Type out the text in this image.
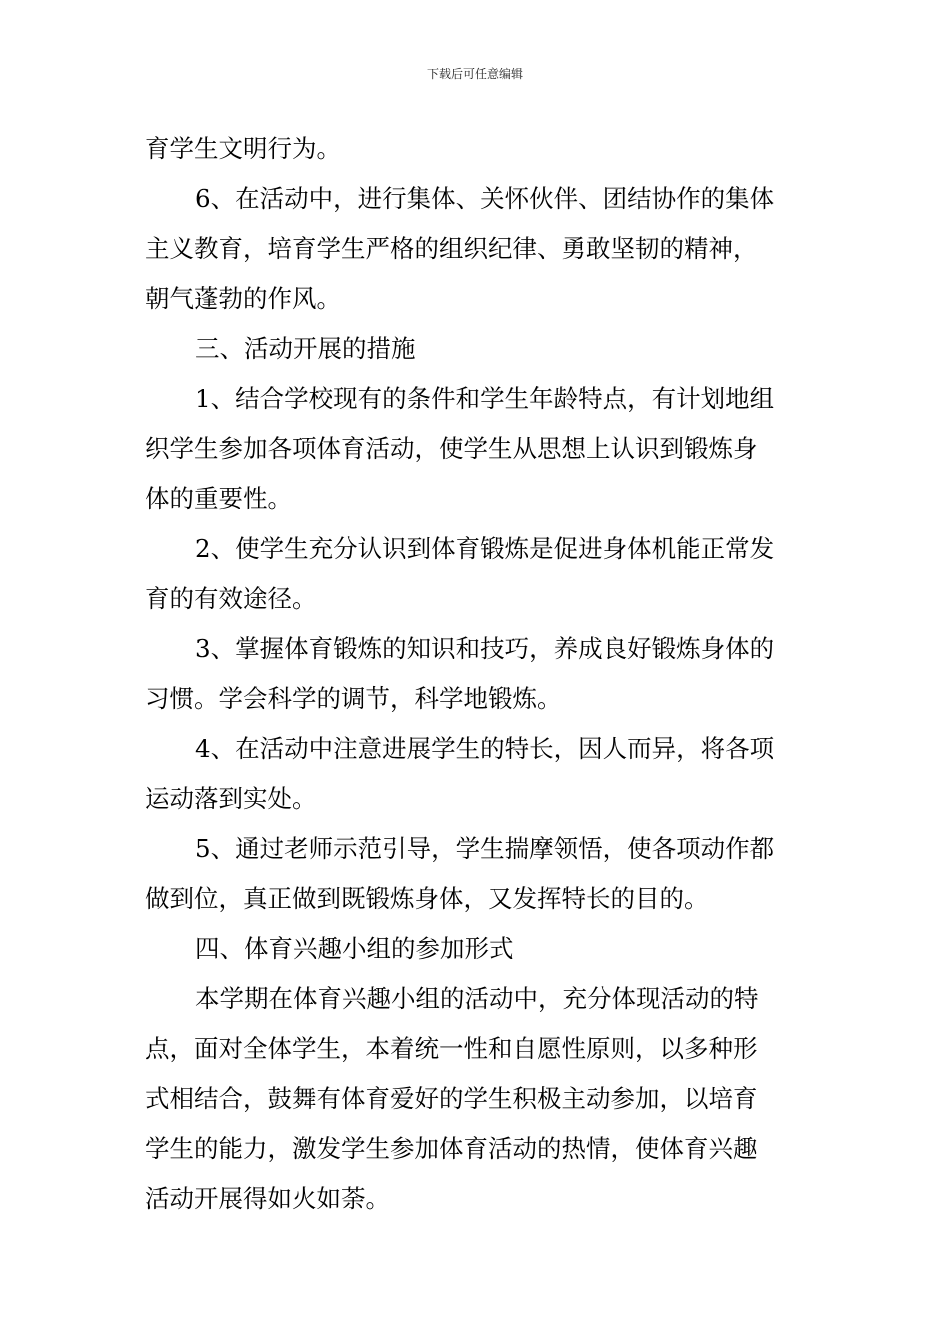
下载后可任意编辑
育学生文明行为。
6、在活动中，进行集体、关怀伙伴、团结协作的集体
主义教育，培育学生严格的组织纪律、勇敢坚韧的精神，
朝气蓬勃的作风。
三、活动开展的措施
1、结合学校现有的条件和学生年龄特点，有计划地组
织学生参加各项体育活动，使学生从思想上认识到锻炼身
体的重要性。
2、使学生充分认识到体育锻炼是促进身体机能正常发
育的有效途径。
3、掌握体育锻炼的知识和技巧，养成良好锻炼身体的
习惯。学会科学的调节，科学地锻炼。
4、在活动中注意进展学生的特长，因人而异，将各项
运动落到实处。
5、通过老师示范引导，学生揣摩领悟，使各项动作都
做到位，真正做到既锻炼身体，又发挥特长的目的。
四、体育兴趣小组的参加形式
本学期在体育兴趣小组的活动中，充分体现活动的特
点，面对全体学生，本着统一性和自愿性原则，以多种形
式相结合，鼓舞有体育爱好的学生积极主动参加，以培育
学生的能力，激发学生参加体育活动的热情，使体育兴趣
活动开展得如火如荼。
